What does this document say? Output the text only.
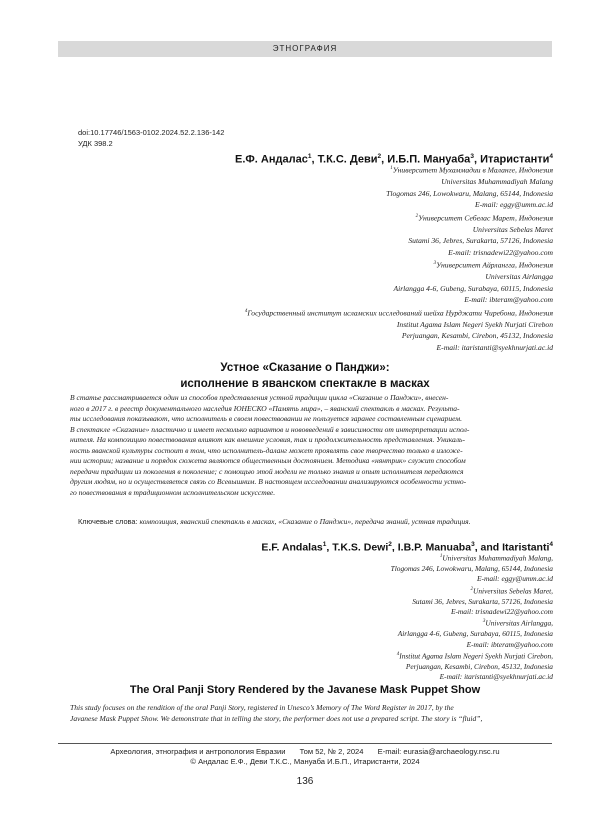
ЭТНОГРАФИЯ
doi:10.17746/1563-0102.2024.52.2.136-142
УДК 398.2
Е.Ф. Андалас$^1$, Т.К.С. Деви$^2$, И.Б.П. Мануаба$^3$, Итаристанти$^4$
$^1$Университет Мухаммадии в Маланге, Индонезия
Universitas Muhammadiyah Malang
Tlogomas 246, Lowokwaru, Malang, 65144, Indonesia
E-mail: eggy@umm.ac.id
$^2$Университет Себелас Марет, Индонезия
Universitas Sebelas Maret
Sutami 36, Jebres, Surakarta, 57126, Indonesia
E-mail: trisnadewi22@yahoo.com
$^3$Университет Айрлангга, Индонезия
Universitas Airlangga
Airlangga 4-6, Gubeng, Surabaya, 60115, Indonesia
E-mail: ibteram@yahoo.com
$^4$Государственный институт исламских исследований шейха Нурджати Чиребона, Индонезия
Institut Agama Islam Negeri Syekh Nurjati Cirebon
Perjuangan, Kesambi, Cirebon, 45132, Indonesia
E-mail: itaristanti@syekhnurjati.ac.id
Устное «Сказание о Панджи»:
исполнение в яванском спектакле в масках
В статье рассматривается один из способов представления устной традиции цикла «Сказание о Панджи», внесен-
ного в 2017 г. в реестр документального наследия ЮНЕСКО «Память мира», – яванский спектакль в масках. Результа-
ты исследования показывают, что исполнитель в своем повествовании не пользуется заранее составленным сценарием.
В спектакле «Сказание» пластично и имеет несколько вариантов и нововведений в зависимости от интерпретации испол-
нителя. На композицию повествования влияют как внешние условия, так и продолжительность представления. Уникаль-
ность яванской культуры состоит в том, что исполнитель-даланг может проявлять свое творчество только в изложе-
нии истории; название и порядок сюжета являются общественным достоянием. Методика «нянтрик» служит способом
передачи традиции из поколения в поколение; с помощью этой модели не только знания и опыт исполнителя передаются
другим людям, но и осуществляется связь со Всевышним. В настоящем исследовании анализируются особенности устно-
го повествования в традиционном исполнительском искусстве.
Ключевые слова: композиция, яванский спектакль в масках, «Сказание о Панджи», передача знаний, устная традиция.
E.F. Andalas$^1$, T.K.S. Dewi$^2$, I.B.P. Manuaba$^3$, and Itaristanti$^4$
$^1$Universitas Muhammadiyah Malang,
Tlogomas 246, Lowokwaru, Malang, 65144, Indonesia
E-mail: eggy@umm.ac.id
$^2$Universitas Sebelas Maret,
Sutami 36, Jebres, Surakarta, 57126, Indonesia
E-mail: trisnadewi22@yahoo.com
$^3$Universitas Airlangga,
Airlangga 4-6, Gubeng, Surabaya, 60115, Indonesia
E-mail: ibteram@yahoo.com
$^4$Institut Agama Islam Negeri Syekh Nurjati Cirebon,
Perjuangan, Kesambi, Cirebon, 45132, Indonesia
E-mail: itaristanti@syekhnurjati.ac.id
The Oral Panji Story Rendered by the Javanese Mask Puppet Show
This study focuses on the rendition of the oral Panji Story, registered in Unesco’s Memory of The Word Register in 2017, by the
Javanese Mask Puppet Show. We demonstrate that in telling the story, the performer does not use a prepared script. The story is “fluid”,
Археология, этнография и антропология Евразии Том 52, № 2, 2024 E-mail: eurasia@archaeology.nsc.ru
© Андалас Е.Ф., Деви Т.К.С., Мануаба И.Б.П., Итаристанти, 2024
136
